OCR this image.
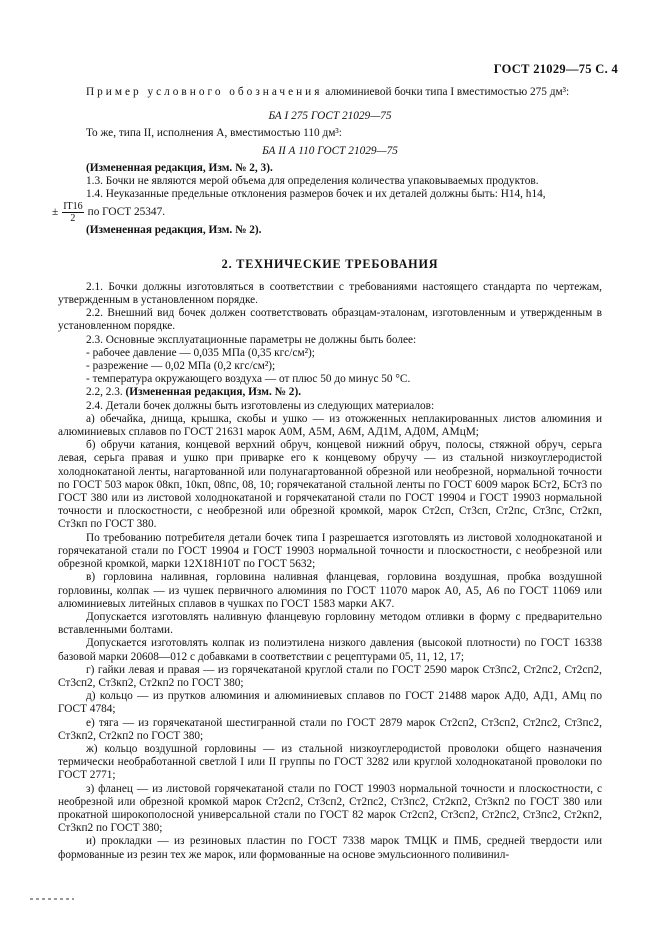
ГОСТ 21029—75 С. 4

Пример условного обозначения алюминиевой бочки типа I вместимостью 275 дм³:

БА I 275 ГОСТ 21029—75

То же, типа II, исполнения А, вместимостью 110 дм³:

БА II А 110 ГОСТ 21029—75

(Измененная редакция, Изм. № 2, 3).

1.3. Бочки не являются мерой объема для определения количества упаковываемых продуктов.

1.4. Неуказанные предельные отклонения размеров бочек и их деталей должны быть: Н14, h14,

± $\frac{IT16}{2}$ по ГОСТ 25347.

(Измененная редакция, Изм. № 2).

2. ТЕХНИЧЕСКИЕ ТРЕБОВАНИЯ

2.1. Бочки должны изготовляться в соответствии с требованиями настоящего стандарта по чертежам, утвержденным в установленном порядке.

2.2. Внешний вид бочек должен соответствовать образцам-эталонам, изготовленным и утвержденным в установленном порядке.

2.3. Основные эксплуатационные параметры не должны быть более:

- рабочее давление — 0,035 МПа (0,35 кгс/см²);

- разрежение — 0,02 МПа (0,2 кгс/см²);

- температура окружающего воздуха — от плюс 50 до минус 50 °С.

2.2, 2.3. (Измененная редакция, Изм. № 2).

2.4. Детали бочек должны быть изготовлены из следующих материалов:

а) обечайка, днища, крышка, скобы и ушко — из отожженных неплакированных листов алюминия и алюминиевых сплавов по ГОСТ 21631 марок А0М, А5М, А6М, АД1М, АД0М, АМцМ;

б) обручи катания, концевой верхний обруч, концевой нижний обруч, полосы, стяжной обруч, серьга левая, серьга правая и ушко при приварке его к концевому обручу — из стальной низкоуглеродистой холоднокатаной ленты, нагартованной или полунагартованной обрезной или необрезной, нормальной точности по ГОСТ 503 марок 08кп, 10кп, 08пс, 08, 10; горячекатаной стальной ленты по ГОСТ 6009 марок БСт2, БСт3 по ГОСТ 380 или из листовой холоднокатаной и горячекатаной стали по ГОСТ 19904 и ГОСТ 19903 нормальной точности и плоскостности, с необрезной или обрезной кромкой, марок Ст2сп, Ст3сп, Ст2пс, Ст3пс, Ст2кп, Ст3кп по ГОСТ 380.

По требованию потребителя детали бочек типа I разрешается изготовлять из листовой холоднокатаной и горячекатаной стали по ГОСТ 19904 и ГОСТ 19903 нормальной точности и плоскостности, с необрезной или обрезной кромкой, марки 12Х18Н10Т по ГОСТ 5632;

в) горловина наливная, горловина наливная фланцевая, горловина воздушная, пробка воздушной горловины, колпак — из чушек первичного алюминия по ГОСТ 11070 марок А0, А5, А6 по ГОСТ 11069 или алюминиевых литейных сплавов в чушках по ГОСТ 1583 марки АК7.

Допускается изготовлять наливную фланцевую горловину методом отливки в форму с предварительно вставленными болтами.

Допускается изготовлять колпак из полиэтилена низкого давления (высокой плотности) по ГОСТ 16338 базовой марки 20608—012 с добавками в соответствии с рецептурами 05, 11, 12, 17;

г) гайки левая и правая — из горячекатаной круглой стали по ГОСТ 2590 марок Ст3пс2, Ст2пс2, Ст2сп2, Ст3сп2, Ст3кп2, Ст2кп2 по ГОСТ 380;

д) кольцо — из прутков алюминия и алюминиевых сплавов по ГОСТ 21488 марок АД0, АД1, АМц по ГОСТ 4784;

е) тяга — из горячекатаной шестигранной стали по ГОСТ 2879 марок Ст2сп2, Ст3сп2, Ст2пс2, Ст3пс2, Ст3кп2, Ст2кп2 по ГОСТ 380;

ж) кольцо воздушной горловины — из стальной низкоуглеродистой проволоки общего назначения термически необработанной светлой I или II группы по ГОСТ 3282 или круглой холоднокатаной проволоки по ГОСТ 2771;

з) фланец — из листовой горячекатаной стали по ГОСТ 19903 нормальной точности и плоскостности, с необрезной или обрезной кромкой марок Ст2сп2, Ст3сп2, Ст2пс2, Ст3пс2, Ст2кп2, Ст3кп2 по ГОСТ 380 или прокатной широкополосной универсальной стали по ГОСТ 82 марок Ст2сп2, Ст3сп2, Ст2пс2, Ст3пс2, Ст2кп2, Ст3кп2 по ГОСТ 380;

и) прокладки — из резиновых пластин по ГОСТ 7338 марок ТМЦК и ПМБ, средней твердости или формованные из резин тех же марок, или формованные на основе эмульсионного поливинил-
